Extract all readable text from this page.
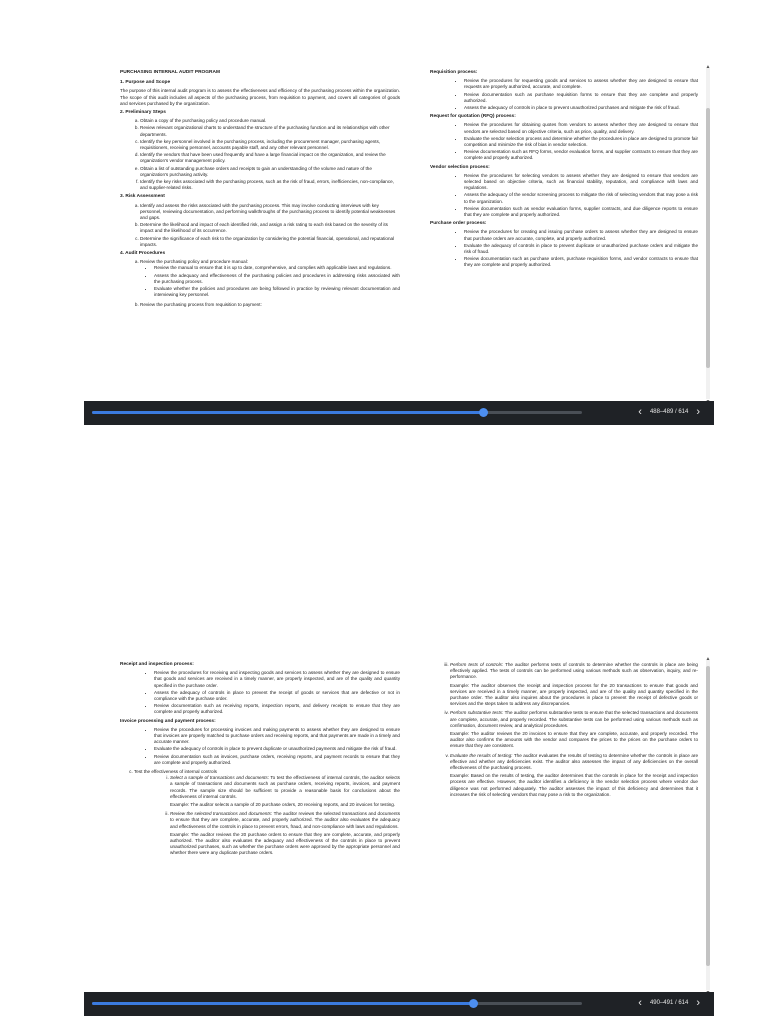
PURCHASING INTERNAL AUDIT PROGRAM
1. Purpose and Scope
The purpose of this internal audit program is to assess the effectiveness and efficiency of the purchasing process within the organization. The scope of this audit includes all aspects of the purchasing process, from requisition to payment, and covers all categories of goods and services purchased by the organization.
2. Preliminary Steps
a. Obtain a copy of the purchasing policy and procedure manual.
b. Review relevant organizational charts to understand the structure of the purchasing function and its relationships with other departments.
c. Identify the key personnel involved in the purchasing process, including the procurement manager, purchasing agents, requisitioners, receiving personnel, accounts payable staff, and any other relevant personnel.
d. Identify the vendors that have been used frequently and have a large financial impact on the organization, and review the organization's vendor management policy.
e. Obtain a list of outstanding purchase orders and receipts to gain an understanding of the volume and nature of the organization's purchasing activity.
f. Identify the key risks associated with the purchasing process, such as the risk of fraud, errors, inefficiencies, non-compliance, and supplier-related risks.
3. Risk Assessment
a. Identify and assess the risks associated with the purchasing process. This may involve conducting interviews with key personnel, reviewing documentation, and performing walkthroughs of the purchasing process to identify potential weaknesses and gaps.
b. Determine the likelihood and impact of each identified risk, and assign a risk rating to each risk based on the severity of its impact and the likelihood of its occurrence.
c. Determine the significance of each risk to the organization by considering the potential financial, operational, and reputational impacts.
4. Audit Procedures
a. Review the purchasing policy and procedure manual:
• Review the manual to ensure that it is up to date, comprehensive, and complies with applicable laws and regulations.
• Assess the adequacy and effectiveness of the purchasing policies and procedures in addressing risks associated with the purchasing process.
• Evaluate whether the policies and procedures are being followed in practice by reviewing relevant documentation and interviewing key personnel.
b. Review the purchasing process from requisition to payment:
Requisition process:
• Review the procedures for requesting goods and services to assess whether they are designed to ensure that requests are properly authorized, accurate, and complete.
• Review documentation such as purchase requisition forms to ensure that they are complete and properly authorized.
• Assess the adequacy of controls in place to prevent unauthorized purchases and mitigate the risk of fraud.
Request for quotation (RFQ) process:
• Review the procedures for obtaining quotes from vendors to assess whether they are designed to ensure that vendors are selected based on objective criteria, such as price, quality, and delivery.
• Evaluate the vendor selection process and determine whether the procedures in place are designed to promote fair competition and minimize the risk of bias in vendor selection.
• Review documentation such as RFQ forms, vendor evaluation forms, and supplier contracts to ensure that they are complete and properly authorized.
Vendor selection process:
• Review the procedures for selecting vendors to assess whether they are designed to ensure that vendors are selected based on objective criteria, such as financial stability, reputation, and compliance with laws and regulations.
• Assess the adequacy of the vendor screening process to mitigate the risk of selecting vendors that may pose a risk to the organization.
• Review documentation such as vendor evaluation forms, supplier contracts, and due diligence reports to ensure that they are complete and properly authorized.
Purchase order process:
• Review the procedures for creating and issuing purchase orders to assess whether they are designed to ensure that purchase orders are accurate, complete, and properly authorized.
• Evaluate the adequacy of controls in place to prevent duplicate or unauthorized purchase orders and mitigate the risk of fraud.
• Review documentation such as purchase orders, purchase requisition forms, and vendor contracts to ensure that they are complete and properly authorized.
▲
‹ 488–489 / 614 ›
Receipt and inspection process:
• Review the procedures for receiving and inspecting goods and services to assess whether they are designed to ensure that goods and services are received in a timely manner, are properly inspected, and are of the quality and quantity specified in the purchase order.
• Assess the adequacy of controls in place to prevent the receipt of goods or services that are defective or not in compliance with the purchase order.
• Review documentation such as receiving reports, inspection reports, and delivery receipts to ensure that they are complete and properly authorized.
Invoice processing and payment process:
• Review the procedures for processing invoices and making payments to assess whether they are designed to ensure that invoices are properly matched to purchase orders and receiving reports, and that payments are made in a timely and accurate manner.
• Evaluate the adequacy of controls in place to prevent duplicate or unauthorized payments and mitigate the risk of fraud.
• Review documentation such as invoices, purchase orders, receiving reports, and payment records to ensure that they are complete and properly authorized.
c. Test the effectiveness of internal controls
i. Select a sample of transactions and documents: To test the effectiveness of internal controls, the auditor selects a sample of transactions and documents such as purchase orders, receiving reports, invoices, and payment records. The sample size should be sufficient to provide a reasonable basis for conclusions about the effectiveness of internal controls.
Example: The auditor selects a sample of 20 purchase orders, 20 receiving reports, and 20 invoices for testing.
ii. Review the selected transactions and documents: The auditor reviews the selected transactions and documents to ensure that they are complete, accurate, and properly authorized. The auditor also evaluates the adequacy and effectiveness of the controls in place to prevent errors, fraud, and non-compliance with laws and regulations.
Example: The auditor reviews the 20 purchase orders to ensure that they are complete, accurate, and properly authorized. The auditor also evaluates the adequacy and effectiveness of the controls in place to prevent unauthorized purchases, such as whether the purchase orders were approved by the appropriate personnel and whether there were any duplicate purchase orders.
iii. Perform tests of controls: The auditor performs tests of controls to determine whether the controls in place are being effectively applied. The tests of controls can be performed using various methods such as observation, inquiry, and re-performance.
Example: The auditor observes the receipt and inspection process for the 20 transactions to ensure that goods and services are received in a timely manner, are properly inspected, and are of the quality and quantity specified in the purchase order. The auditor also inquires about the procedures in place to prevent the receipt of defective goods or services and the steps taken to address any discrepancies.
iv. Perform substantive tests: The auditor performs substantive tests to ensure that the selected transactions and documents are complete, accurate, and properly recorded. The substantive tests can be performed using various methods such as confirmation, document review, and analytical procedures.
Example: The auditor reviews the 20 invoices to ensure that they are complete, accurate, and properly recorded. The auditor also confirms the amounts with the vendor and compares the prices to the prices on the purchase orders to ensure that they are consistent.
v. Evaluate the results of testing: The auditor evaluates the results of testing to determine whether the controls in place are effective and whether any deficiencies exist. The auditor also assesses the impact of any deficiencies on the overall effectiveness of the purchasing process.
Example: Based on the results of testing, the auditor determines that the controls in place for the receipt and inspection process are effective. However, the auditor identifies a deficiency in the vendor selection process where vendor due diligence was not performed adequately. The auditor assesses the impact of this deficiency and determines that it increases the risk of selecting vendors that may pose a risk to the organization.
▲
‹ 490–491 / 614 ›
